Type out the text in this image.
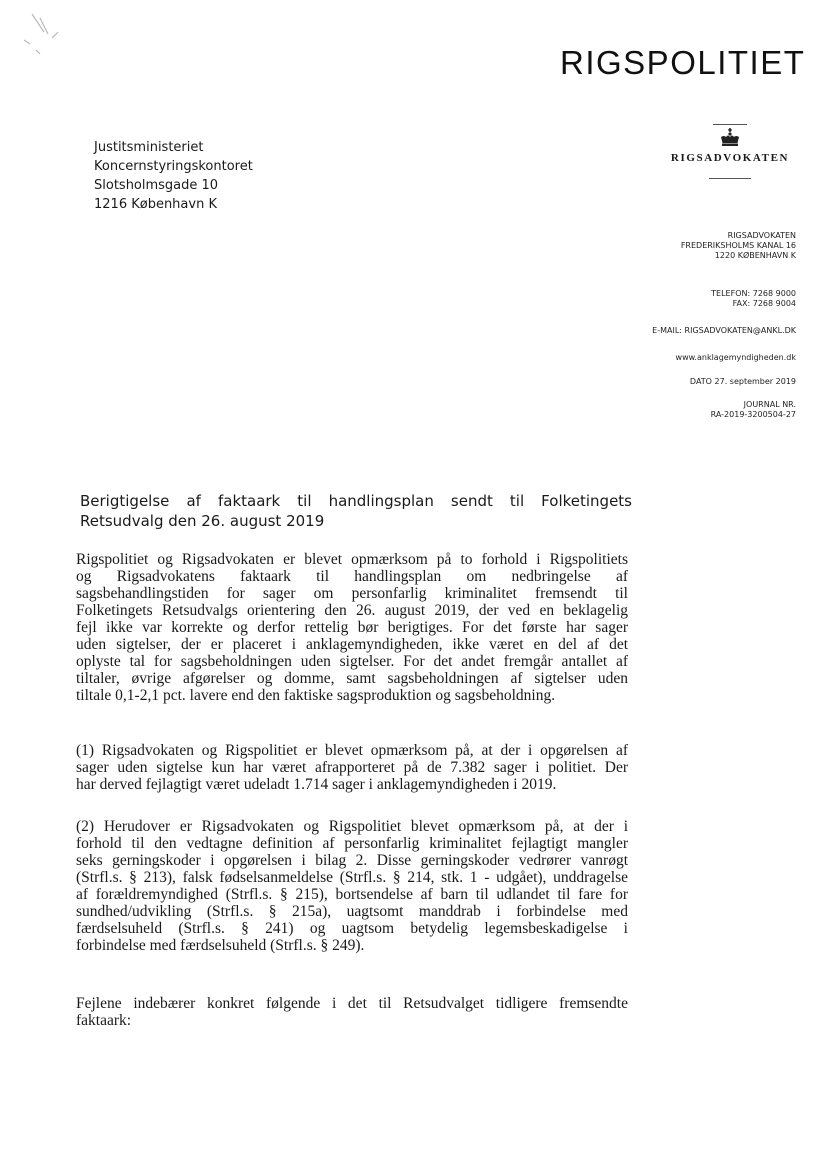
RIGSPOLITIET
Justitsministeriet
Koncernstyringskontoret
Slotsholmsgade 10
1216 København K
RIGSADVOKATEN
RIGSADVOKATEN
FREDERIKSHOLMS KANAL 16
1220 KØBENHAVN K
TELEFON: 7268 9000
FAX: 7268 9004
E-MAIL: RIGSADVOKATEN@ANKL.DK
www.anklagemyndigheden.dk
DATO 27. september 2019
JOURNAL NR.
RA-2019-3200504-27
Berigtigelse af faktaark til handlingsplan sendt til Folketingets
Retsudvalg den 26. august 2019
Rigspolitiet og Rigsadvokaten er blevet opmærksom på to forhold i Rigspolitiets
og Rigsadvokatens faktaark til handlingsplan om nedbringelse af
sagsbehandlingstiden for sager om personfarlig kriminalitet fremsendt til
Folketingets Retsudvalgs orientering den 26. august 2019, der ved en beklagelig
fejl ikke var korrekte og derfor rettelig bør berigtiges. For det første har sager
uden sigtelser, der er placeret i anklagemyndigheden, ikke været en del af det
oplyste tal for sagsbeholdningen uden sigtelser. For det andet fremgår antallet af
tiltaler, øvrige afgørelser og domme, samt sagsbeholdningen af sigtelser uden
tiltale 0,1-2,1 pct. lavere end den faktiske sagsproduktion og sagsbeholdning.
(1) Rigsadvokaten og Rigspolitiet er blevet opmærksom på, at der i opgørelsen af
sager uden sigtelse kun har været afrapporteret på de 7.382 sager i politiet. Der
har derved fejlagtigt været udeladt 1.714 sager i anklagemyndigheden i 2019.
(2) Herudover er Rigsadvokaten og Rigspolitiet blevet opmærksom på, at der i
forhold til den vedtagne definition af personfarlig kriminalitet fejlagtigt mangler
seks gerningskoder i opgørelsen i bilag 2. Disse gerningskoder vedrører vanrøgt
(Strfl.s. § 213), falsk fødselsanmeldelse (Strfl.s. § 214, stk. 1 - udgået), unddragelse
af forældremyndighed (Strfl.s. § 215), bortsendelse af barn til udlandet til fare for
sundhed/udvikling (Strfl.s. § 215a), uagtsomt manddrab i forbindelse med
færdselsuheld (Strfl.s. § 241) og uagtsom betydelig legemsbeskadigelse i
forbindelse med færdselsuheld (Strfl.s. § 249).
Fejlene indebærer konkret følgende i det til Retsudvalget tidligere fremsendte
faktaark:
